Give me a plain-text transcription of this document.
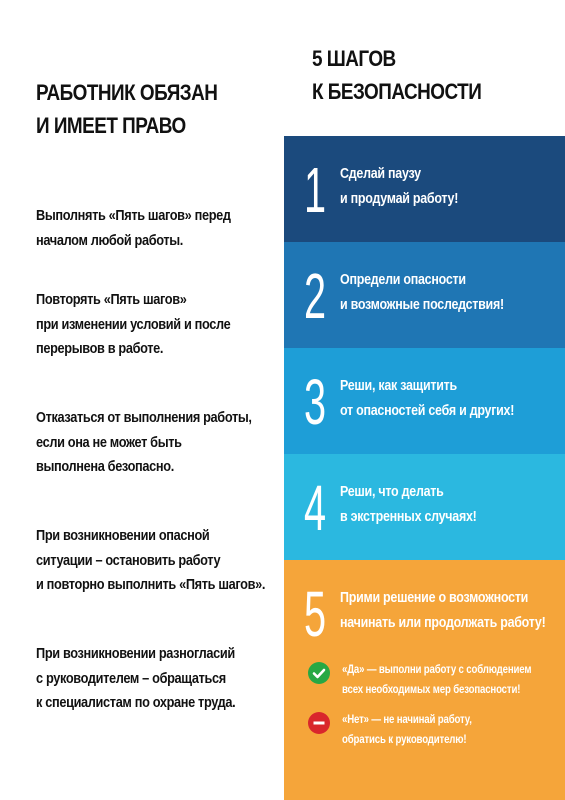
РАБОТНИК ОБЯЗАН
И ИМЕЕТ ПРАВО
Выполнять «Пять шагов» перед
началом любой работы.
Повторять «Пять шагов»
при изменении условий и после
перерывов в работе.
Отказаться от выполнения работы,
если она не может быть
выполнена безопасно.
При возникновении опасной
ситуации – остановить работу
и повторно выполнить «Пять шагов».
При возникновении разногласий
с руководителем – обращаться
к специалистам по охране труда.
5 ШАГОВ
К БЕЗОПАСНОСТИ
1 Сделай паузу
и продумай работу!
2 Определи опасности
и возможные последствия!
3 Реши, как защитить
от опасностей себя и других!
4 Реши, что делать
в экстренных случаях!
5 Прими решение о возможности
начинать или продолжать работу!
«Да» — выполни работу с соблюдением
всех необходимых мер безопасности!
«Нет» — не начинай работу,
обратись к руководителю!
